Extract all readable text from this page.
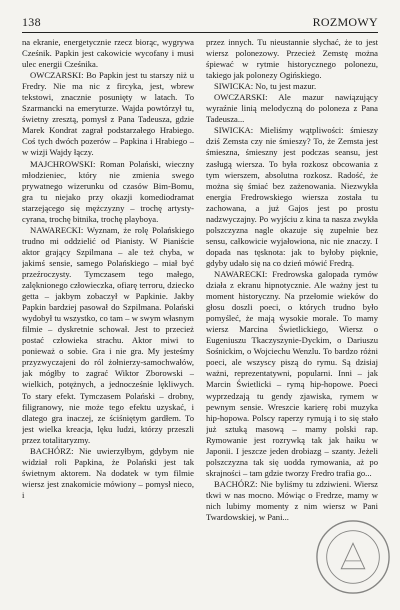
138	ROZMOWY

na ekranie, energetycznie rzecz biorąc, wygrywa Cześnik. Papkin jest cakowicie wycofany i musi ulec energii Cześnika.

OWCZARSKI: Bo Papkin jest tu starszy niż u Fredry. Nie ma nic z fircyka, jest, wbrew tekstowi, znacznie posunięty w latach. To Szarmancki na emeryturze. Wajda powtórzył tu, świetny zresztą, pomysł z Pana Tadeusza, gdzie Marek Kondrat zagrał podstarzałego Hrabiego. Coś tych dwóch pozerów – Papkina i Hrabiego – w wizji Wajdy łączy.

MAJCHROWSKI: Roman Polański, wieczny młodzieniec, który nie zmienia swego prywatnego wizerunku od czasów Bim-Bomu, gra tu niejako przy okazji komediodramat starzejącego się mężczyzny – trochę artysty-cyrana, trochę bitnika, trochę playboya.

NAWARECKI: Wyznam, że rolę Polańskiego trudno mi oddzielić od Pianisty. W Pianiście aktor grający Szpilmana – ale też chyba, w jakimś sensie, samego Polańskiego – miał być przeźroczysty. Tymczasem tego małego, zalęknionego człowieczka, ofiarę terroru, dziecko getta – jakbym zobaczył w Papkinie. Jakby Papkin bardziej pasował do Szpilmana. Polański wydobył tu wszystko, co tam – w swym własnym filmie – dyskretnie schował. Jest to przecież postać człowieka strachu. Aktor miwi to ponieważ o sobie. Gra i nie gra. My jesteśmy przyzwyczajeni do ról żołnierzy-samochwałów, jak mógłby to zagrać Wiktor Zborowski – wielkich, potężnych, a jednocześnie lękliwych. To stary efekt. Tymczasem Polański – drobny, filigranowy, nie może tego efektu uzyskać, i dlatego gra inaczej, ze ściśniętym gardłem. To jest wielka kreacja, lęku ludzi, którzy przeszli przez totalitaryzmy.

BACHÓRZ: Nie uwierzyłbym, gdybym nie widział roli Papkina, że Polański jest tak świetnym aktorem. Na dodatek w tym filmie wiersz jest znakomicie mówiony – pomysł nieco, i

przez innych. Tu nieustannie słychać, że to jest wiersz polonezowy. Przecież Zemstę można śpiewać w rytmie historycznego polonezu, takiego jak polonezy Ogińskiego.

SIWICKA: No, tu jest mazur.

OWCZARSKI: Ale mazur nawiązujący wyraźnie linią melodyczną do poloneza z Pana Tadeusza...

SIWICKA: Mieliśmy wątpliwości: śmieszy dziś Zemsta czy nie śmieszy? To, że Zemsta jest śmieszna, śmieszny jest podczas seansu, jest zasługą wiersza. To była rozkosz obcowania z tym wierszem, absolutna rozkosz. Radość, że można się śmiać bez zażenowania. Niezwykła energia Fredrowskiego wiersza została tu zachowana, a już Gajos jest po prostu nadzwyczajny. Po wyjściu z kina ta nasza zwykła polszczyzna nagle okazuje się zupełnie bez sensu, całkowicie wyjałowiona, nic nie znaczy. I dopada nas tęsknota: jak to byłoby pięknie, gdyby udało się na co dzień mówić Fredrą.

NAWARECKI: Fredrowska galopada rymów działa z ekranu hipnotycznie. Ale ważny jest tu moment historyczny. Na przełomie wieków do głosu doszli poeci, o których trudno było pomyśleć, że mają wysokie morale. To mamy wiersz Marcina Świetlickiego, Wiersz o Eugeniuszu Tkaczyszynie-Dyckim, o Dariuszu Sośnickim, o Wojciechu Wenzlu. To bardzo różni poeci, ale wszyscy piszą do rymu. Są dzisiaj ważni, reprezentatywni, popularni. Inni – jak Marcin Świetlicki – rymą hip-hopowe. Poeci wyprzedzają tu gendy zjawiska, rymem w pewnym sensie. Wreszcie karierę robi muzyka hip-hopowa. Polscy raperzy rymują i to się stało już sztuką masową – mamy polski rap. Rymowanie jest rozrywką tak jak haiku w Japonii. I jeszcze jeden drobiazg – szanty. Jeżeli polszczyzna tak się uodda rymowania, aż po skrajności – tam gdzie tworzy Fredro trafia go...

BACHÓRZ: Nie byliśmy tu zdziwieni. Wiersz tkwi w nas mocno. Mówiąc o Fredrze, mamy w nich lubimy momenty z nim wiersz w Pani Twardowskiej, w Pani...
